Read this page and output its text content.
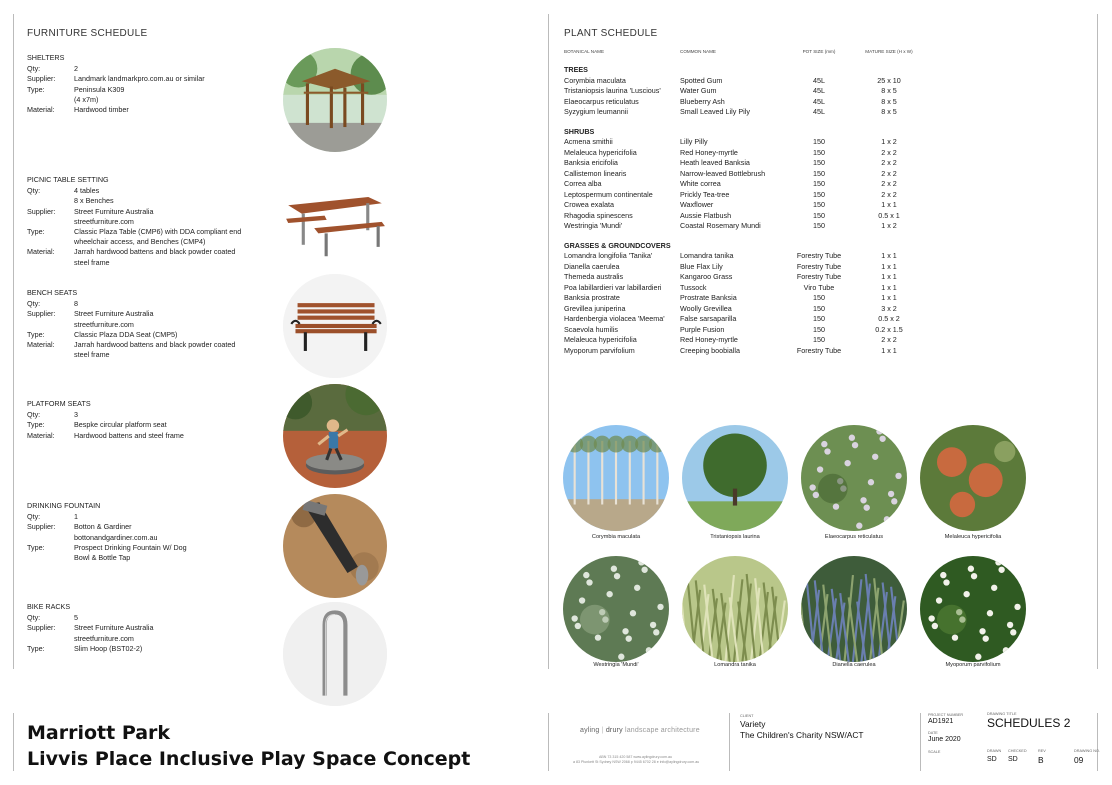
FURNITURE SCHEDULE
SHELTERS
Qty:	2
Supplier:	Landmark landmarkpro.com.au or similar
Type:	Peninsula K309
(4 x7m)
Material:	Hardwood timber
PICNIC TABLE SETTING
Qty:	4 tables
8 x Benches
Supplier:	Street Furniture Australia
streetfurniture.com
Type:	Classic Plaza Table (CMP6) with DDA compliant end
wheelchair access, and Benches (CMP4)
Material:	Jarrah hardwood battens and black powder coated
steel frame
BENCH SEATS
Qty:	8
Supplier:	Street Furniture Australia
streetfurniture.com
Type:	Classic Plaza DDA Seat (CMP5)
Material:	Jarrah hardwood battens and black powder coated
steel frame
PLATFORM SEATS
Qty:	3
Type:	Bespke circular platform seat
Material:	Hardwood battens and steel frame
DRINKING FOUNTAIN
Qty:	1
Supplier:	Botton & Gardiner
bottonandgardiner.com.au
Type:	Prospect Drinking Fountain W/ Dog
Bowl & Bottle Tap
BIKE RACKS
Qty:	5
Supplier:	Street Furniture Australia
streetfurniture.com
Type:	Slim Hoop (BST02-2)
PLANT SCHEDULE
BOTANICAL NAME	COMMON NAME	POT SIZE (mm)	MATURE SIZE (H x W)
TREES
Corymbia maculata	Spotted Gum	45L	25 x 10
Tristaniopsis laurina 'Luscious'	Water Gum	45L	8 x 5
Elaeocarpus reticulatus	Blueberry Ash	45L	8 x 5
Syzygium leumannii	Small Leaved Lily Pily	45L	8 x 5
SHRUBS
Acmena smithii	Lilly Pilly	150	1 x 2
Melaleuca hypericifolia	Red Honey-myrtle	150	2 x 2
Banksia ericifolia	Heath leaved Banksia	150	2 x 2
Callistemon linearis	Narrow-leaved Bottlebrush	150	2 x 2
Correa alba	White correa	150	2 x 2
Leptospermum continentale	Prickly Tea-tree	150	2 x 2
Crowea exalata	Waxflower	150	1 x 1
Rhagodia spinescens	Aussie Flatbush	150	0.5 x 1
Westringia 'Mundi'	Coastal Rosemary Mundi	150	1 x 2
GRASSES & GROUNDCOVERS
Lomandra longifolia 'Tanika'	Lomandra tanika	Forestry Tube	1 x 1
Dianella caerulea	Blue Flax Lily	Forestry Tube	1 x 1
Themeda australis	Kangaroo Grass	Forestry Tube	1 x 1
Poa labillardieri var labillardieri	Tussock	Viro Tube	1 x 1
Banksia prostrate	Prostrate Banksia	150	1 x 1
Grevillea juniperina	Woolly Grevillea	150	3 x 2
Hardenbergia violacea 'Meema'	False sarsaparilla	150	0.5 x 2
Scaevola humilis	Purple Fusion	150	0.2 x 1.5
Melaleuca hypericifolia	Red Honey-myrtle	150	2 x 2
Myoporum parvifolium	Creeping boobialla	Forestry Tube	1 x 1
Corymbia maculata	Tristaniopsis laurina	Elaeocarpus reticulatus	Melaleuca hypericifolia
Westringia 'Mundi'	Lomandra tanika	Dianella caerulea	Myoporum parvifolium
Marriott Park
Livvis Place Inclusive Play Space Concept
ayling | drury landscape architecture
ABN 73 315 420 587 www.aylingdrury.com.au
a 83 Plunkett St Sydney NSW 2068 p 9445 6702 28 e info@aylingdrury.com.au
CLIENT
Variety
The Children's Charity NSW/ACT
PROJECT NUMBER
AD1921
DATE
June 2020
SCALE
DRAWING TITLE
SCHEDULES 2
DRAWN
SD
CHECKED
SD
REV
B
DRAWING NO.
09
